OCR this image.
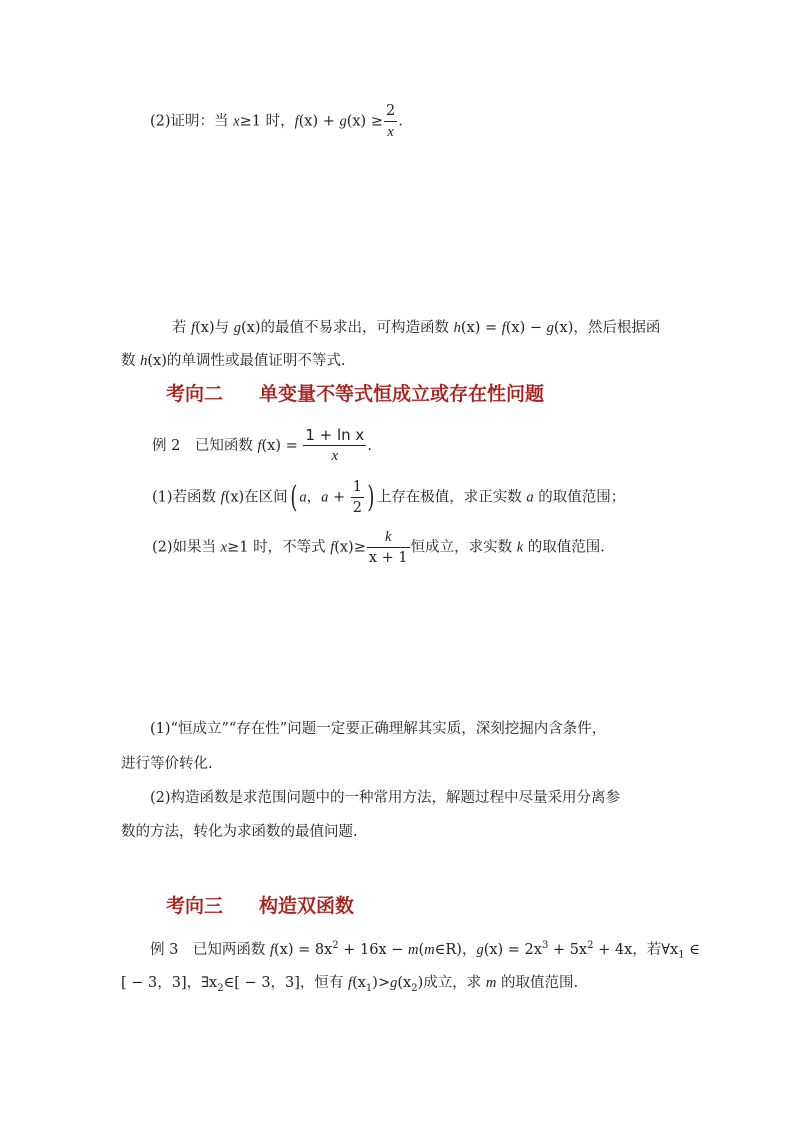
(2)证明：当 x≥1 时，$f(x) + g(x) \ge \frac{2}{x}$ .
若 f(x)与 g(x)的最值不易求出，可构造函数 h(x) = f(x) − g(x)，然后根据函
数 h(x)的单调性或最值证明不等式.
考向二 单变量不等式恒成立或存在性问题
例 2　已知函数 $f(x) = \frac{\text{1 + ln x}}{x}$ .
(1)若函数 f(x)在区间( a，$a + \frac{1}{2}$ ) 上存在极值，求正实数 a 的取值范围；
(2)如果当 x≥1 时，不等式 $f(x)\ge \frac{k}{x + 1}$ 恒成立，求实数 k 的取值范围.
(1)“恒成立”“存在性”问题一定要正确理解其实质，深刻挖掘内含条件，
进行等价转化.
(2)构造函数是求范围问题中的一种常用方法，解题过程中尽量采用分离参
数的方法，转化为求函数的最值问题.
考向三 构造双函数
例 3　已知两函数 $f(x) = 8x^2 + 16x$ − m(m∈R)，$g(x) = 2x^3 + 5x^2 + 4x$，若$\forall x_1$ ∈
[ − 3，3]，$\exists x_2\in[ - 3$，3]，恒有 $f(x_1)>g(x_2)$成立，求 m 的取值范围.
